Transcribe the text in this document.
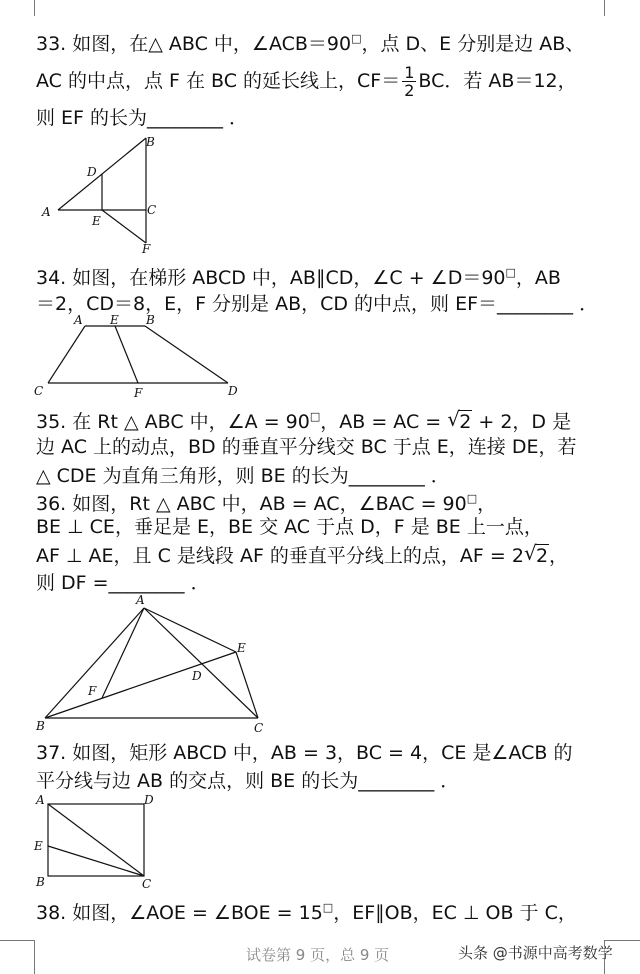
33. 如图，在△ ABC 中，∠ACB＝90□，点 D、E 分别是边 AB、
AC 的中点，点 F 在 BC 的延长线上，$CF= \frac{1}{2}$ BC．若 AB＝12，
则 EF 的长为________ ．
A
B
C
D
E
F
34. 如图，在梯形 ABCD 中，AB∥CD，∠C + ∠D＝90□，AB
＝2，CD＝8，E，F 分别是 AB，CD 的中点，则 EF＝________ ．
A E B
C	F	D
35. 在 Rt △ ABC 中，∠A = 90□，AB = AC = √ 2 + 2，D 是
边 AC 上的动点，BD 的垂直平分线交 BC 于点 E，连接 DE，若
△ CDE 为直角三角形，则 BE 的长为________ ．
36. 如图，Rt △ ABC 中，AB = AC，∠BAC = 90□，
BE ⊥ CE，垂足是 E，BE 交 AC 于点 D，F 是 BE 上一点，
AF ⊥ AE，且 C 是线段 AF 的垂直平分线上的点，AF = 2 √ 2，
则 DF =________ ．
A
E
F
D
B	C
37. 如图，矩形 ABCD 中，AB = 3，BC = 4，CE 是∠ACB 的
平分线与边 AB 的交点，则 BE 的长为________ ．
A	D
E
B	C
38. 如图，∠AOE = ∠BOE = 15□，EF∥OB，EC ⊥ OB 于 C，
试卷第 9 页，总 9 页	头条 @书源中高考数学
